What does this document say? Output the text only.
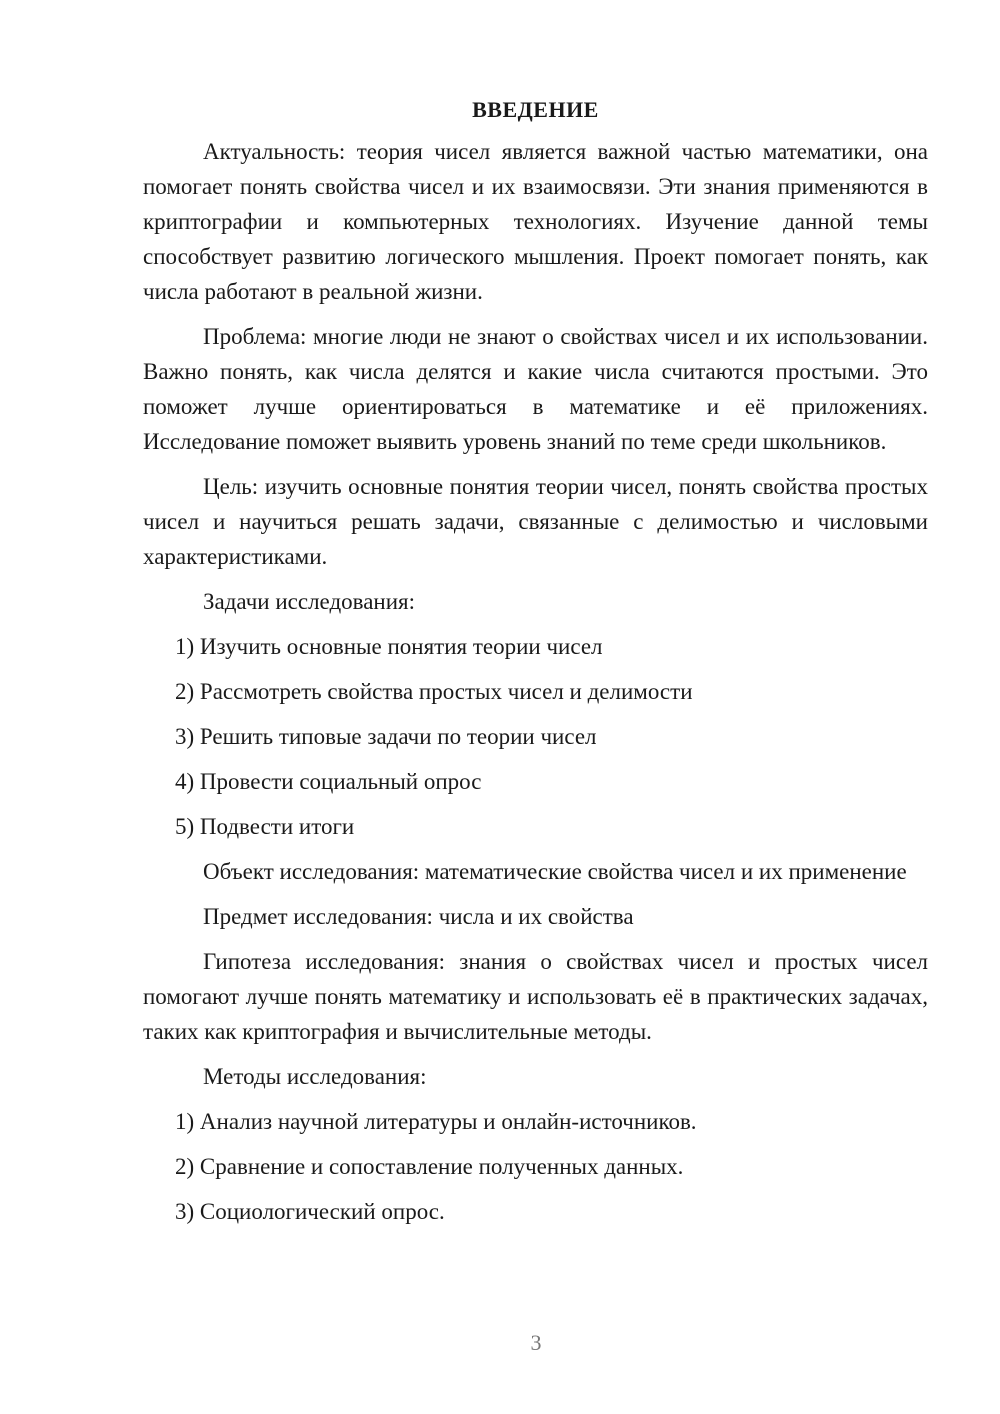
ВВЕДЕНИЕ

Актуальность: теория чисел является важной частью математики, она помогает понять свойства чисел и их взаимосвязи. Эти знания применяются в криптографии и компьютерных технологиях. Изучение данной темы способствует развитию логического мышления. Проект помогает понять, как числа работают в реальной жизни.

Проблема: многие люди не знают о свойствах чисел и их использовании. Важно понять, как числа делятся и какие числа считаются простыми. Это поможет лучше ориентироваться в математике и её приложениях. Исследование поможет выявить уровень знаний по теме среди школьников.

Цель: изучить основные понятия теории чисел, понять свойства простых чисел и научиться решать задачи, связанные с делимостью и числовыми характеристиками.

Задачи исследования:

1) Изучить основные понятия теории чисел
2) Рассмотреть свойства простых чисел и делимости
3) Решить типовые задачи по теории чисел
4) Провести социальный опрос
5) Подвести итоги

Объект исследования: математические свойства чисел и их применение

Предмет исследования: числа и их свойства

Гипотеза исследования: знания о свойствах чисел и простых чисел помогают лучше понять математику и использовать её в практических задачах, таких как криптография и вычислительные методы.

Методы исследования:

1) Анализ научной литературы и онлайн-источников.
2) Сравнение и сопоставление полученных данных.
3) Социологический опрос.
3
